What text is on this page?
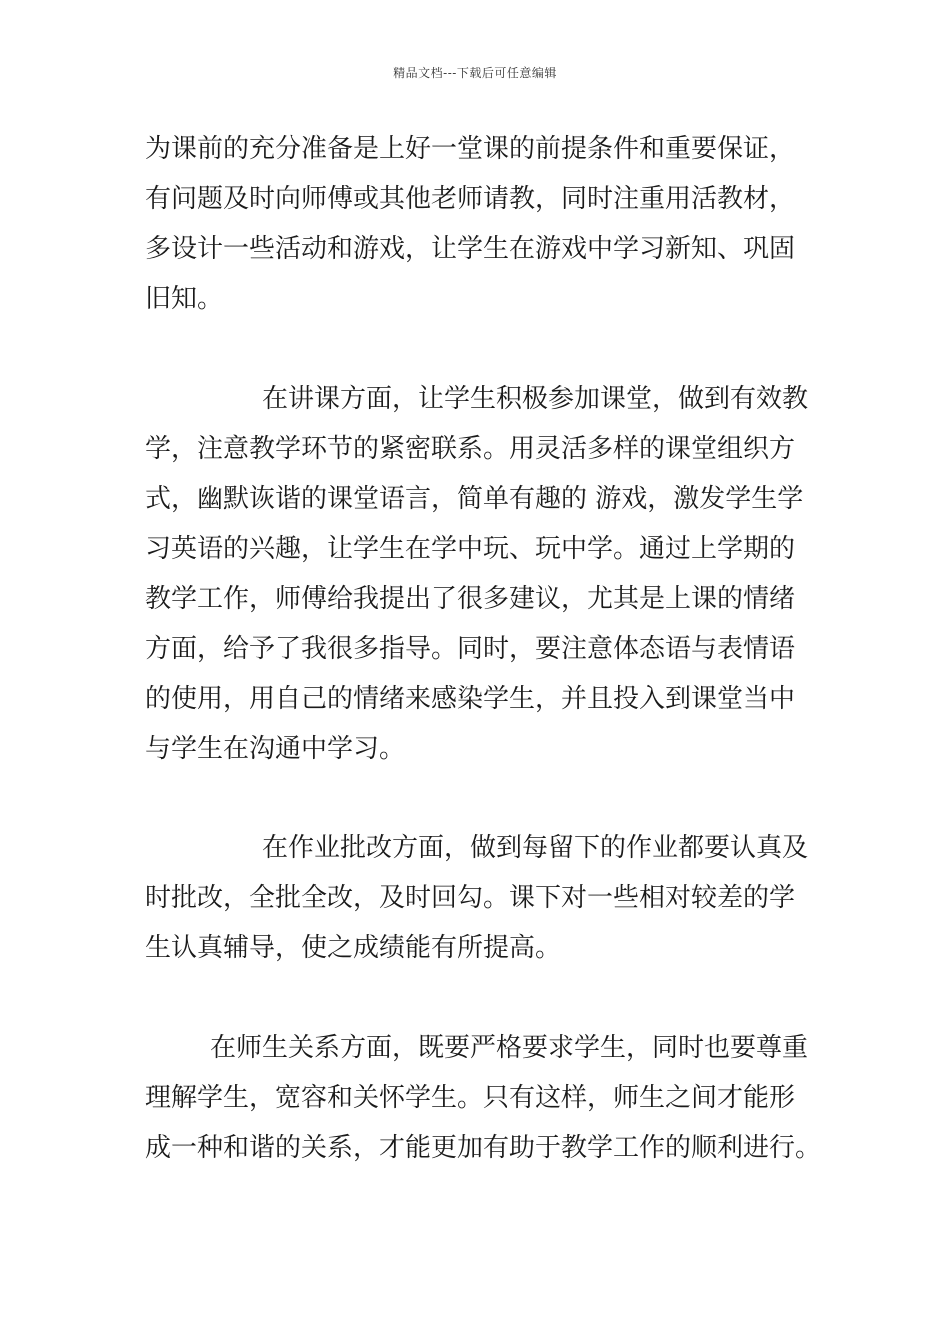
精品文档---下载后可任意编辑
为课前的充分准备是上好一堂课的前提条件和重要保证，
有问题及时向师傅或其他老师请教，同时注重用活教材，
多设计一些活动和游戏，让学生在游戏中学习新知、巩固
旧知。
在讲课方面，让学生积极参加课堂，做到有效教
学，注意教学环节的紧密联系。用灵活多样的课堂组织方
式，幽默诙谐的课堂语言，简单有趣的 游戏，激发学生学
习英语的兴趣，让学生在学中玩、玩中学。通过上学期的
教学工作，师傅给我提出了很多建议，尤其是上课的情绪
方面，给予了我很多指导。同时，要注意体态语与表情语
的使用，用自己的情绪来感染学生，并且投入到课堂当中
与学生在沟通中学习。
在作业批改方面，做到每留下的作业都要认真及
时批改，全批全改，及时回勾。课下对一些相对较差的学
生认真辅导，使之成绩能有所提高。
在师生关系方面，既要严格要求学生，同时也要尊重
理解学生，宽容和关怀学生。只有这样，师生之间才能形
成一种和谐的关系，才能更加有助于教学工作的顺利进行。
